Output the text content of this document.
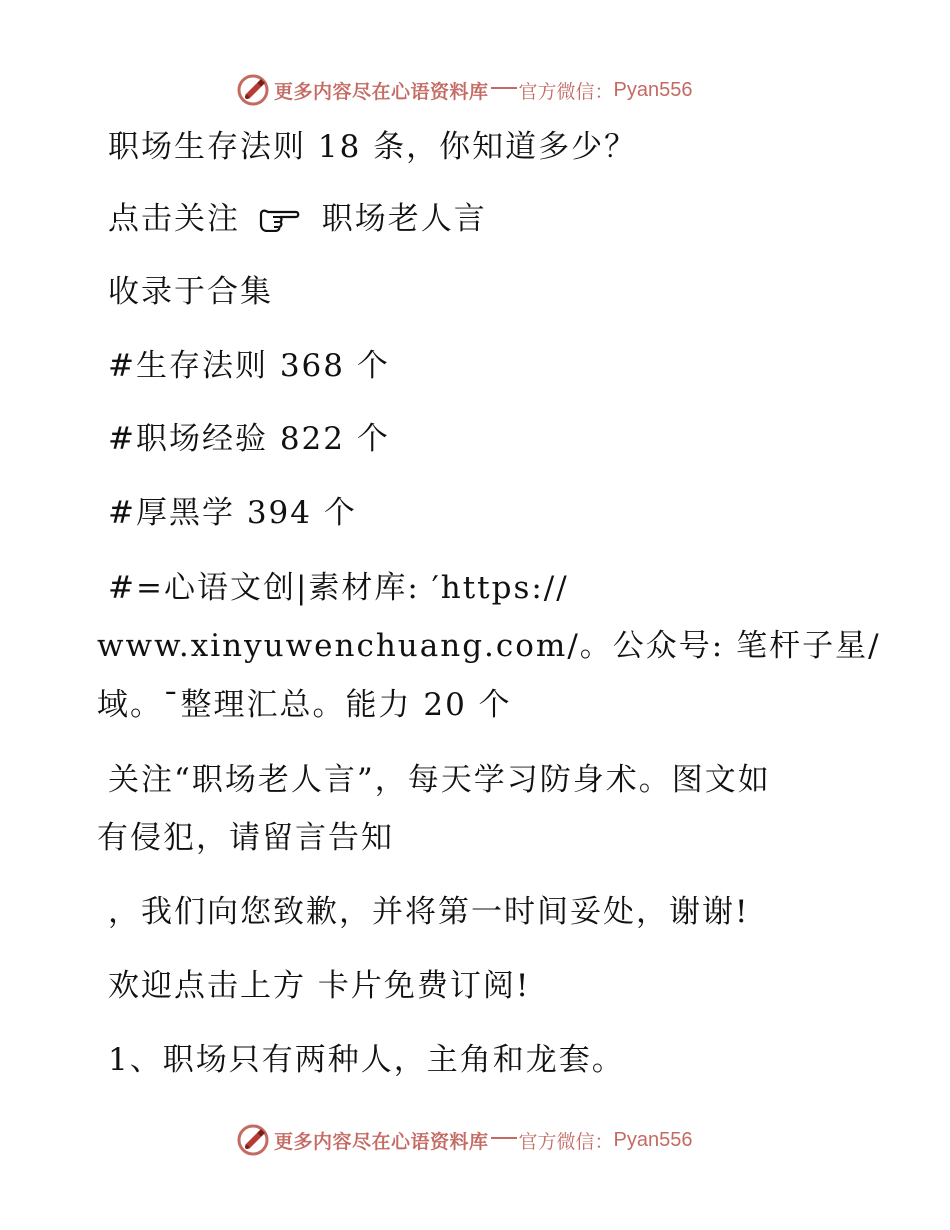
更多内容尽在心语资料库 官方微信： Pyan556
职场生存法则 18 条，你知道多少？
点击关注	职场老人言
收录于合集
#生存法则 368 个
#职场经验 822 个
#厚黑学 394 个
#=心语文创|素材库: ′https://
www.xinyuwenchuang.com/。公众号: 笔杆子星/
域。¯整理汇总。能力 20 个
关注“职场老人言”，每天学习防身术。图文如
有侵犯，请留言告知
，我们向您致歉，并将第一时间妥处，谢谢!
欢迎点击上方 卡片免费订阅!
1、职场只有两种人，主角和龙套。
更多内容尽在心语资料库 官方微信： Pyan556
